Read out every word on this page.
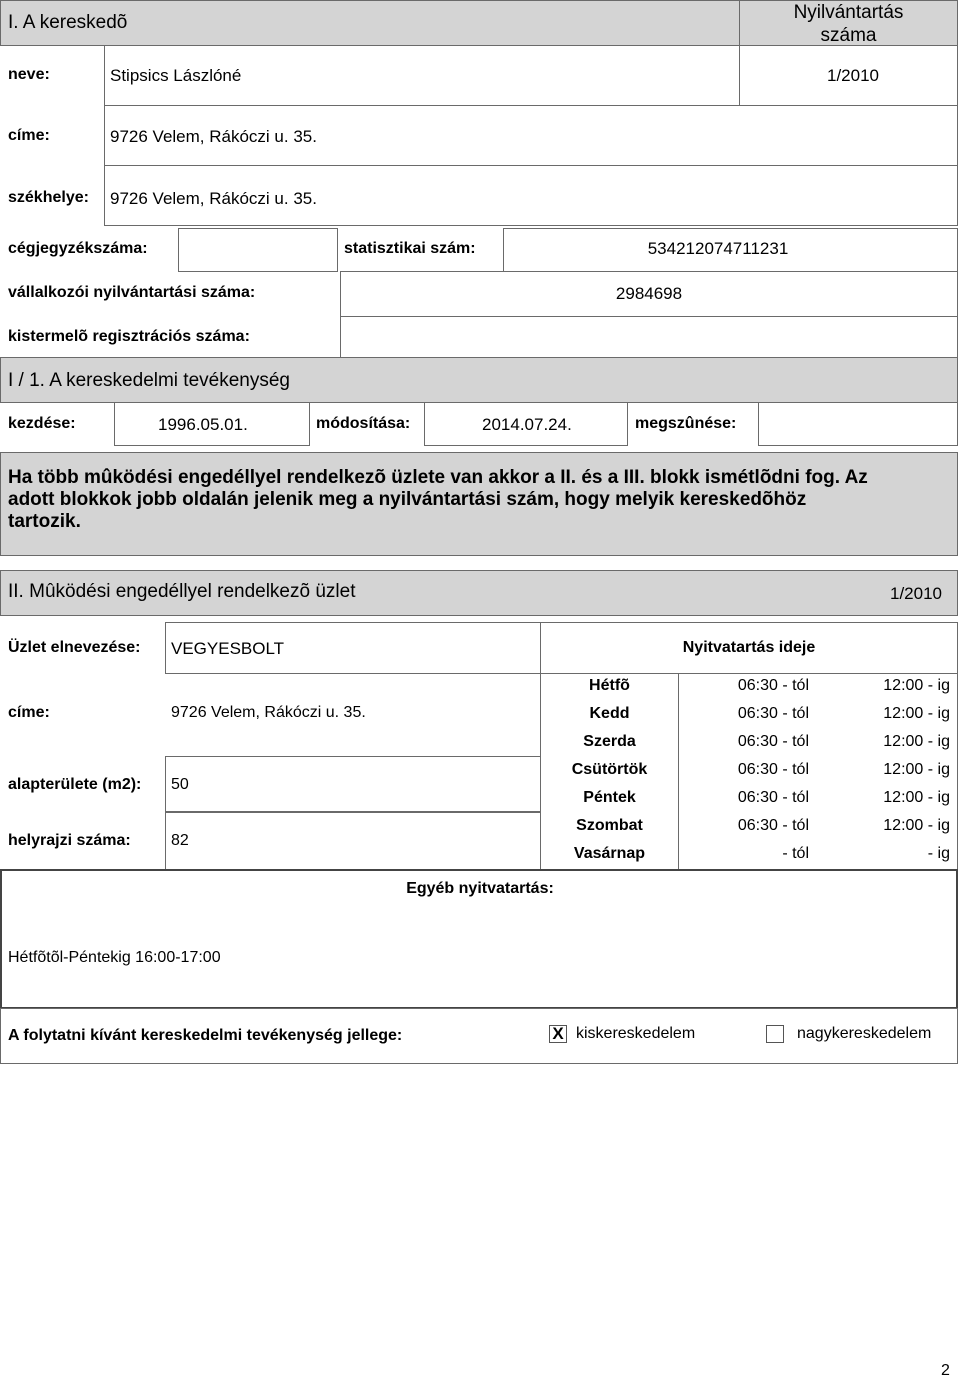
I. A kereskedõ	Nyilvántartás
száma
neve:	Stipsics Lászlóné	1/2010
címe:	9726 Velem, Rákóczi u. 35.
székhelye: 9726 Velem, Rákóczi u. 35.
cégjegyzékszáma:	statisztikai szám:	534212074711231
vállalkozói nyilvántartási száma:	2984698
kistermelõ regisztrációs száma:
I / 1. A kereskedelmi tevékenység
kezdése:	1996.05.01.	módosítása:	2014.07.24.	megszûnése:
Ha több mûködési engedéllyel rendelkezõ üzlete van akkor a II. és a III. blokk ismétlõdni fog. Az adott blokkok jobb oldalán jelenik meg a nyilvántartási szám, hogy melyik kereskedõhöz tartozik.
II. Mûködési engedéllyel rendelkezõ üzlet	1/2010
Üzlet elnevezése: VEGYESBOLT
címe:	9726 Velem, Rákóczi u. 35.
alapterülete (m2): 50
helyrajzi száma:	82
Nyitvatartás ideje
Hétfõ	06:30 - tól	12:00 - ig
Kedd	06:30 - tól	12:00 - ig
Szerda	06:30 - tól	12:00 - ig
Csütörtök	06:30 - tól	12:00 - ig
Péntek	06:30 - tól	12:00 - ig
Szombat	06:30 - tól	12:00 - ig
Vasárnap	- tól	- ig
Egyéb nyitvatartás:
Hétfõtõl-Péntekig 16:00-17:00
A folytatni kívánt kereskedelmi tevékenység jellege:	X kiskereskedelem	nagykereskedelem
2
